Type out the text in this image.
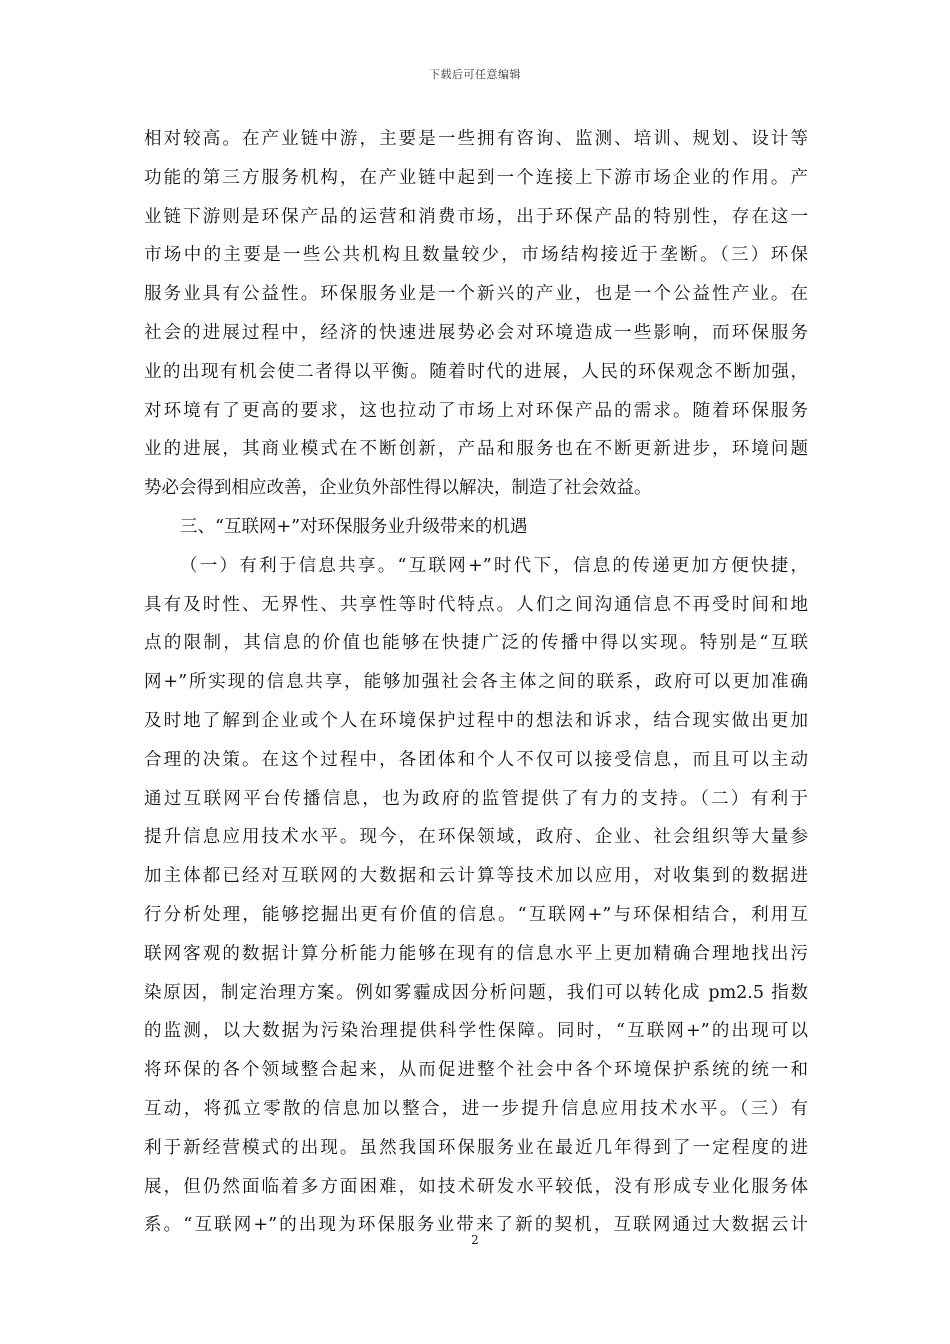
下载后可任意编辑
相对较高。在产业链中游，主要是一些拥有咨询、监测、培训、规划、设计等
功能的第三方服务机构，在产业链中起到一个连接上下游市场企业的作用。产
业链下游则是环保产品的运营和消费市场，出于环保产品的特别性，存在这一
市场中的主要是一些公共机构且数量较少，市场结构接近于垄断。（三）环保
服务业具有公益性。环保服务业是一个新兴的产业，也是一个公益性产业。在
社会的进展过程中，经济的快速进展势必会对环境造成一些影响，而环保服务
业的出现有机会使二者得以平衡。随着时代的进展，人民的环保观念不断加强，
对环境有了更高的要求，这也拉动了市场上对环保产品的需求。随着环保服务
业的进展，其商业模式在不断创新，产品和服务也在不断更新进步，环境问题
势必会得到相应改善，企业负外部性得以解决，制造了社会效益。
三、“互联网+”对环保服务业升级带来的机遇
（一）有利于信息共享。“互联网+”时代下，信息的传递更加方便快捷，
具有及时性、无界性、共享性等时代特点。人们之间沟通信息不再受时间和地
点的限制，其信息的价值也能够在快捷广泛的传播中得以实现。特别是“互联
网+”所实现的信息共享，能够加强社会各主体之间的联系，政府可以更加准确
及时地了解到企业或个人在环境保护过程中的想法和诉求，结合现实做出更加
合理的决策。在这个过程中，各团体和个人不仅可以接受信息，而且可以主动
通过互联网平台传播信息，也为政府的监管提供了有力的支持。（二）有利于
提升信息应用技术水平。现今，在环保领域，政府、企业、社会组织等大量参
加主体都已经对互联网的大数据和云计算等技术加以应用，对收集到的数据进
行分析处理，能够挖掘出更有价值的信息。“互联网+”与环保相结合，利用互
联网客观的数据计算分析能力能够在现有的信息水平上更加精确合理地找出污
染原因，制定治理方案。例如雾霾成因分析问题，我们可以转化成 pm2.5 指数
的监测，以大数据为污染治理提供科学性保障。同时，“互联网+”的出现可以
将环保的各个领域整合起来，从而促进整个社会中各个环境保护系统的统一和
互动，将孤立零散的信息加以整合，进一步提升信息应用技术水平。（三）有
利于新经营模式的出现。虽然我国环保服务业在最近几年得到了一定程度的进
展，但仍然面临着多方面困难，如技术研发水平较低，没有形成专业化服务体
系。“互联网+”的出现为环保服务业带来了新的契机，互联网通过大数据云计
2
